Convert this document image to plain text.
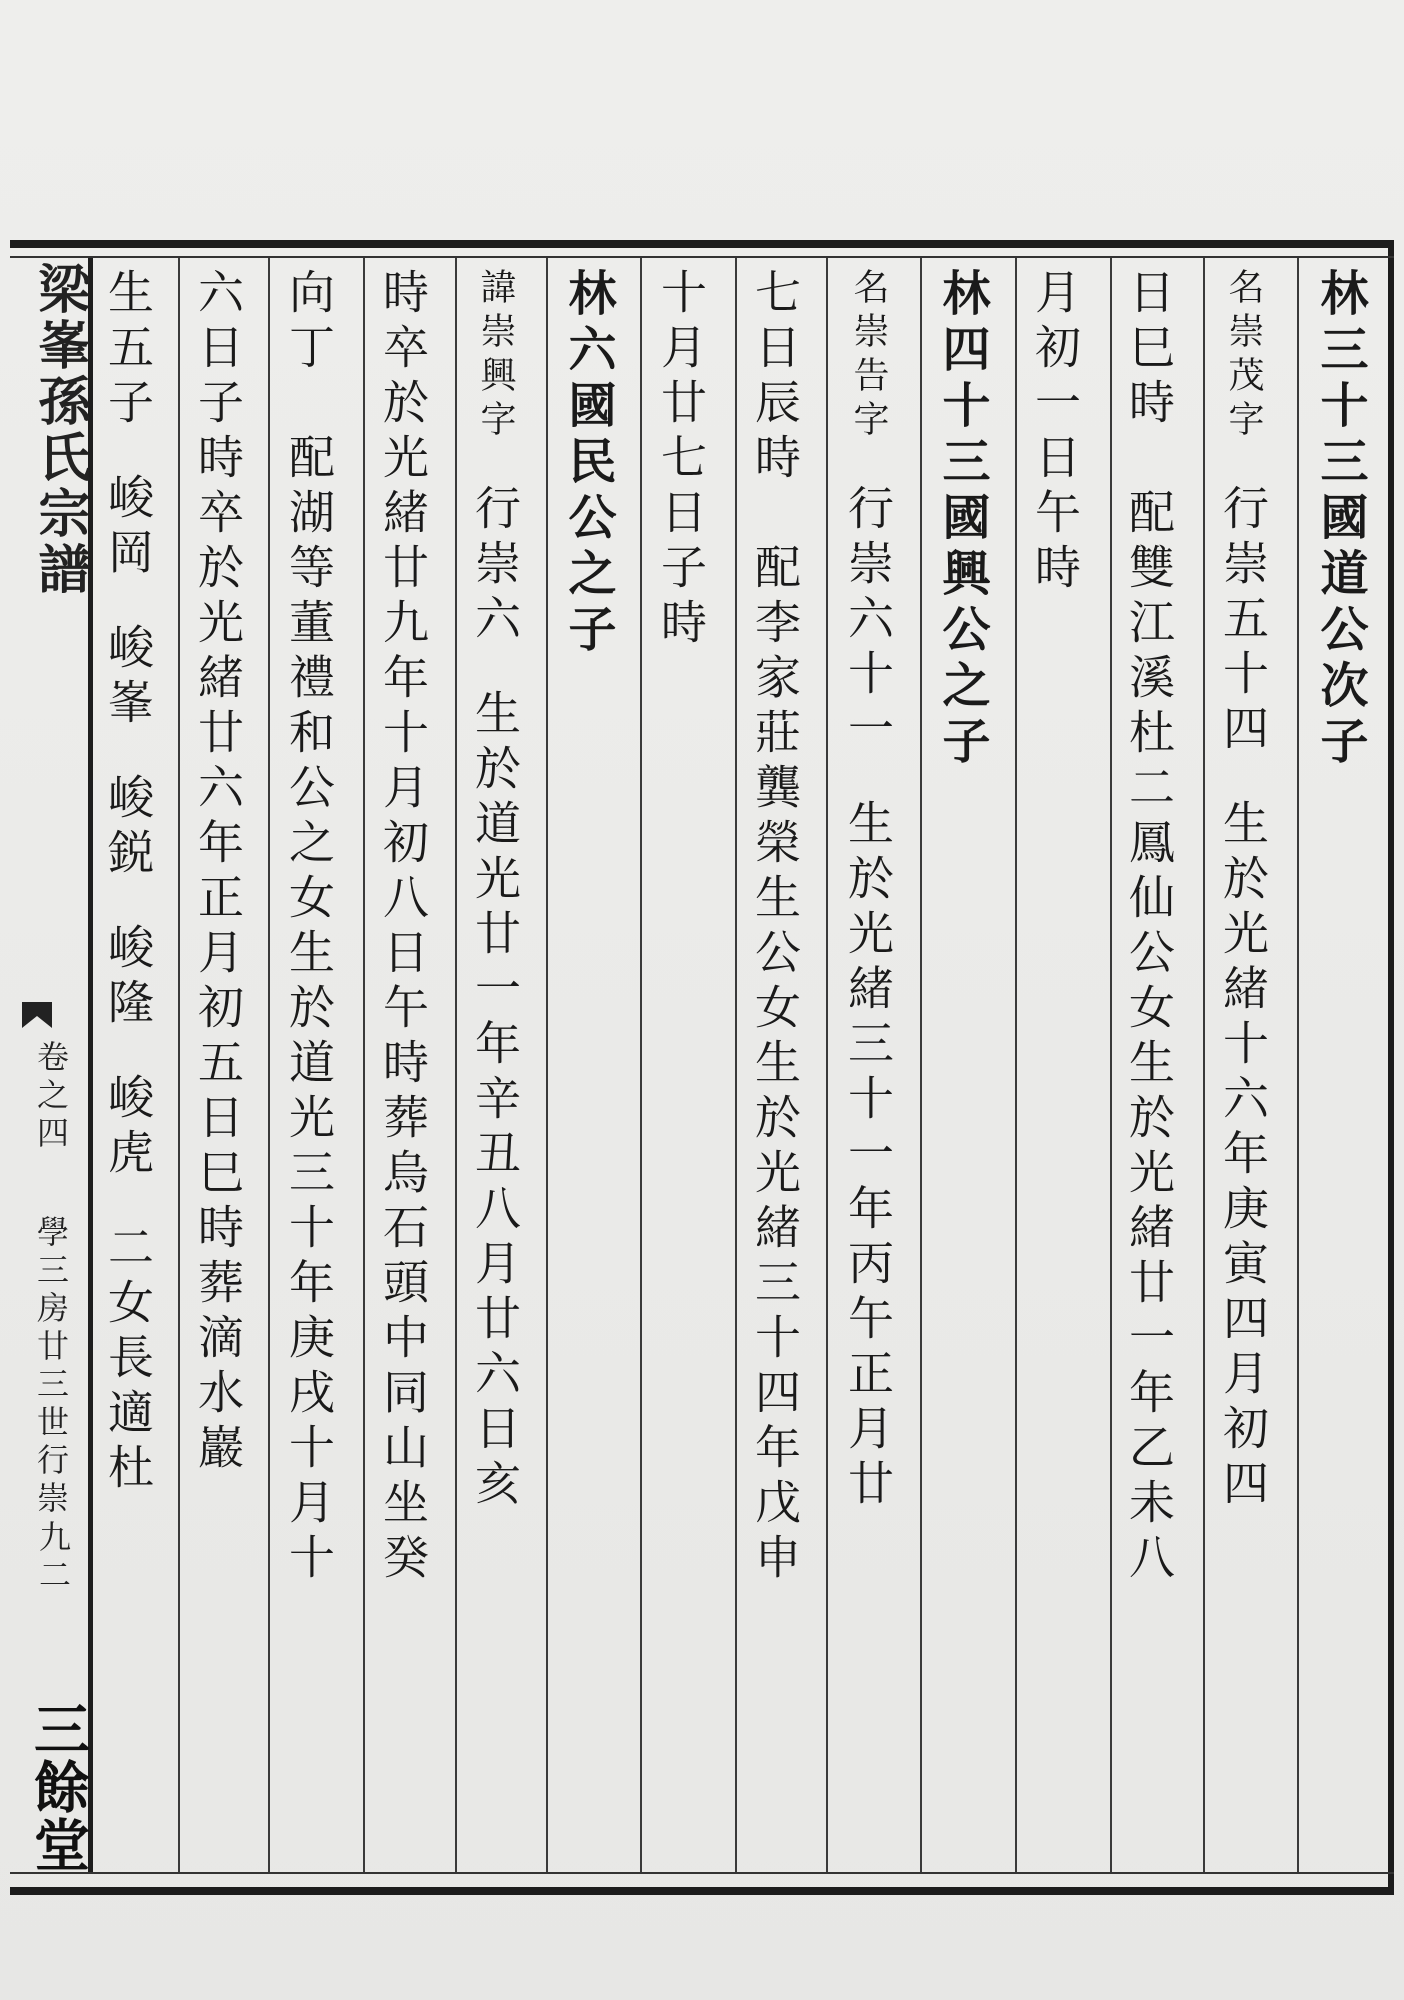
梁峯孫氏宗譜
卷之四
學三房廿三世行崇
九二
三餘堂
林三十三國道公次子
名崇茂字行崇五十四生於光緒十六年庚寅四月初四
日巳時　配雙江溪杜二鳳仙公女生於光緒廿一年乙未八
月初一日午時
林四十三國興公之子
名崇告字行崇六十一生於光緒三十一年丙午正月廿
七日辰時　配李家莊龔榮生公女生於光緒三十四年戊申
十月廿七日子時
林六國民公之子
諱崇興字行崇六生於道光廿一年辛丑八月廿六日亥
時卒於光緒廿九年十月初八日午時葬烏石頭中同山坐癸
向丁　配湖等董禮和公之女生於道光三十年庚戌十月十
六日子時卒於光緒廿六年正月初五日巳時葬滴水巖
生五子峻岡峻峯峻鋭峻隆峻虎二女長適杜
